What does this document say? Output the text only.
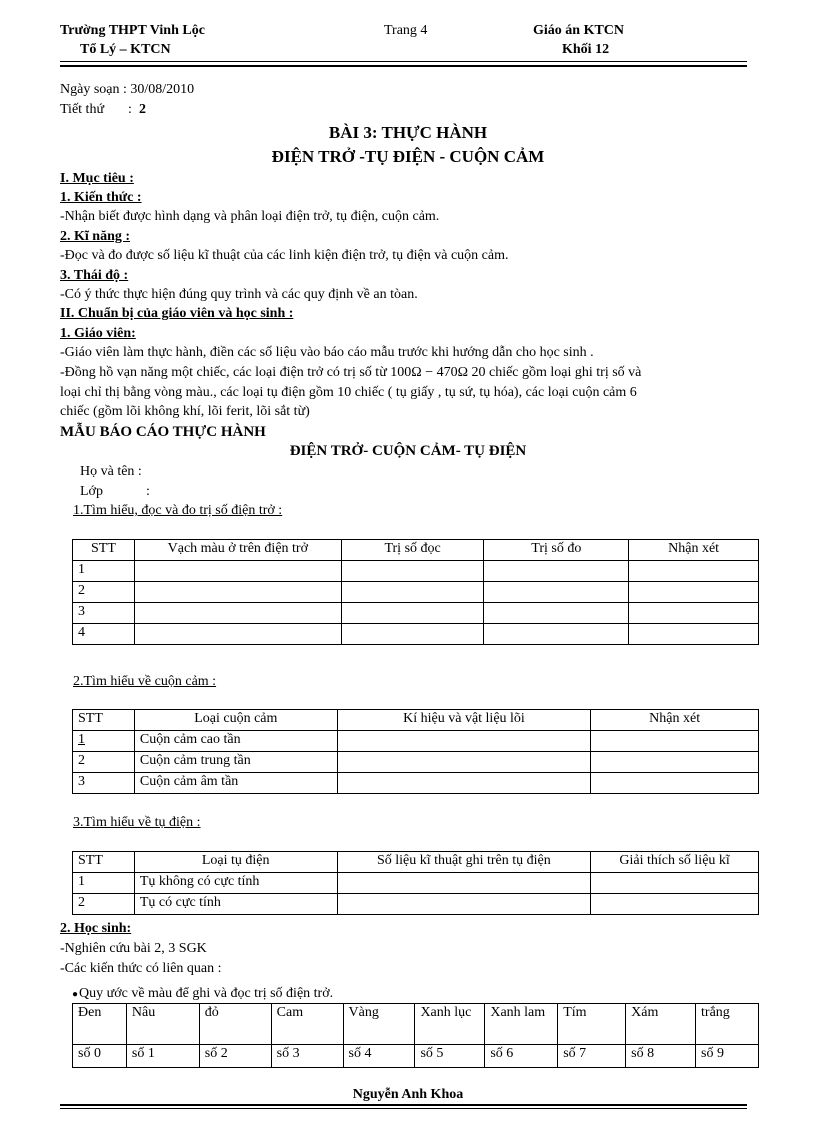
Trường THPT Vinh Lộc
Tổ Lý – KTCN
Trang 4	Giáo án KTCN
Khối 12
Ngày soạn : 30/08/2010
Tiết thứ : 2
BÀI 3: THỰC HÀNH
ĐIỆN TRỞ -TỤ ĐIỆN - CUỘN CẢM
I. Mục tiêu :
1. Kiến thức :
-Nhận biết được hình dạng và phân loại điện trở, tụ điện, cuộn cảm.
2. Kĩ năng :
-Đọc và đo được số liệu kĩ thuật của các linh kiện điện trở, tụ điện và cuộn cảm.
3. Thái độ :
-Có ý thức thực hiện đúng quy trình và các quy định về an tòan.
II. Chuẩn bị của giáo viên và học sinh :
1. Giáo viên:
-Giáo viên làm thực hành, điền các số liệu vào báo cáo mẫu trước khi hướng dẫn cho học sinh .
-Đồng hồ vạn năng một chiếc, các loại điện trở có trị số từ 100Ω − 470Ω 20 chiếc gồm loại ghi trị số và
loại chỉ thị bằng vòng màu., các loại tụ điện gồm 10 chiếc ( tụ giấy , tụ sứ, tụ hóa), các loại cuộn cảm 6
chiếc (gồm lõi không khí, lõi ferit, lõi sắt từ)
MẪU BÁO CÁO THỰC HÀNH
ĐIỆN TRỞ- CUỘN CẢM- TỤ ĐIỆN
Họ và tên :
Lớp	:
1.Tìm hiểu, đọc và đo trị số điện trở :
STT	Vạch màu ở trên điện trở	Trị số đọc	Trị số đo	Nhận xét
1				
2				
3				
4				
2.Tìm hiểu về cuộn cảm :
STT	Loại cuộn cảm	Kí hiệu và vật liệu lõi	Nhận xét
1	Cuộn cảm cao tần		
2	Cuộn cảm trung tần		
3	Cuộn cảm âm tần		
3.Tìm hiểu về tụ điện :
STT	Loại tụ điện	Số liệu kĩ thuật ghi trên tụ điện	Giải thích số liệu kĩ
1	Tụ không có cực tính		
2	Tụ có cực tính		
2. Học sinh:
-Nghiên cứu bài 2, 3 SGK
-Các kiến thức có liên quan :
● Quy ước về màu để ghi và đọc trị số điện trở.
Đen	Nâu	đỏ	Cam	Vàng	Xanh lục	Xanh lam	Tím	Xám	trắng
số 0	số 1	số 2	số 3	số 4	số 5	số 6	số 7	số 8	số 9
Nguyễn Anh Khoa
